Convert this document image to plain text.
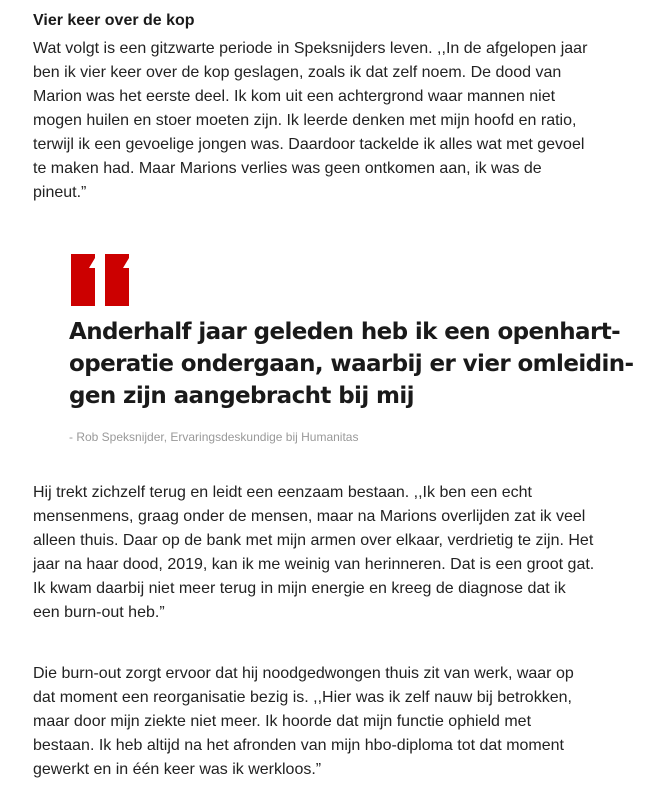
Vier keer over de kop

Wat volgt is een gitzwarte periode in Speksnijders leven. ,,In de afgelopen jaar
ben ik vier keer over de kop geslagen, zoals ik dat zelf noem. De dood van
Marion was het eerste deel. Ik kom uit een achtergrond waar mannen niet
mogen huilen en stoer moeten zijn. Ik leerde denken met mijn hoofd en ratio,
terwijl ik een gevoelige jongen was. Daardoor tackelde ik alles wat met gevoel
te maken had. Maar Marions verlies was geen ontkomen aan, ik was de
pineut.”

Anderhalf jaar geleden heb ik een openhart-
operatie ondergaan, waarbij er vier omleidin-
gen zijn aangebracht bij mij

- Rob Speksnijder, Ervaringsdeskundige bij Humanitas

Hij trekt zichzelf terug en leidt een eenzaam bestaan. ,,Ik ben een echt
mensenmens, graag onder de mensen, maar na Marions overlijden zat ik veel
alleen thuis. Daar op de bank met mijn armen over elkaar, verdrietig te zijn. Het
jaar na haar dood, 2019, kan ik me weinig van herinneren. Dat is een groot gat.
Ik kwam daarbij niet meer terug in mijn energie en kreeg de diagnose dat ik
een burn-out heb.”

Die burn-out zorgt ervoor dat hij noodgedwongen thuis zit van werk, waar op
dat moment een reorganisatie bezig is. ,,Hier was ik zelf nauw bij betrokken,
maar door mijn ziekte niet meer. Ik hoorde dat mijn functie ophield met
bestaan. Ik heb altijd na het afronden van mijn hbo-diploma tot dat moment
gewerkt en in één keer was ik werkloos.”
